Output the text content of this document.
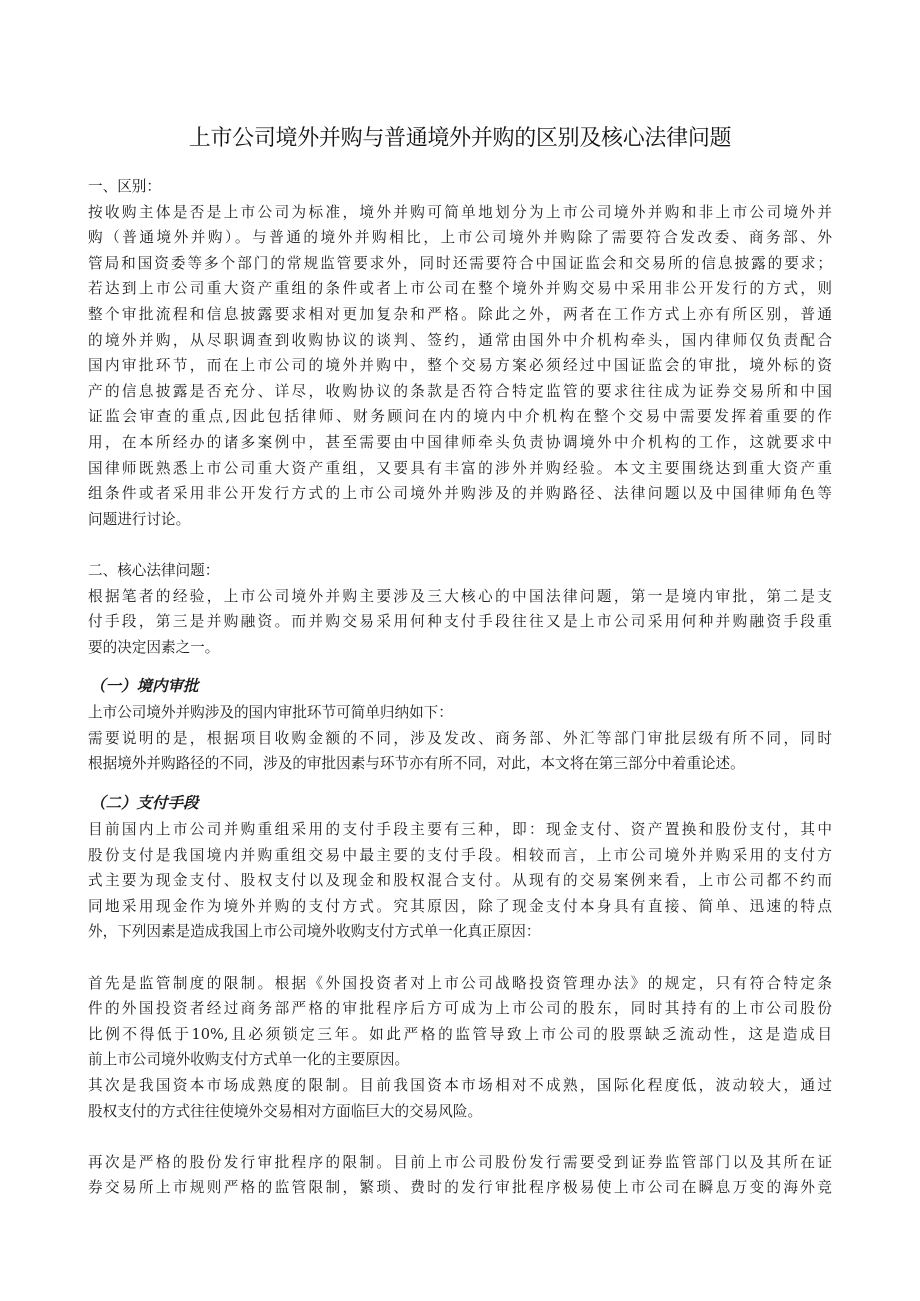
上市公司境外并购与普通境外并购的区别及核心法律问题
一、区别：
按收购主体是否是上市公司为标准，境外并购可简单地划分为上市公司境外并购和非上市公司境外并
购（普通境外并购）。与普通的境外并购相比，上市公司境外并购除了需要符合发改委、商务部、外
管局和国资委等多个部门的常规监管要求外，同时还需要符合中国证监会和交易所的信息披露的要求；
若达到上市公司重大资产重组的条件或者上市公司在整个境外并购交易中采用非公开发行的方式，则
整个审批流程和信息披露要求相对更加复杂和严格。除此之外，两者在工作方式上亦有所区别，普通
的境外并购，从尽职调查到收购协议的谈判、签约，通常由国外中介机构牵头，国内律师仅负责配合
国内审批环节，而在上市公司的境外并购中，整个交易方案必须经过中国证监会的审批，境外标的资
产的信息披露是否充分、详尽，收购协议的条款是否符合特定监管的要求往往成为证券交易所和中国
证监会审查的重点,因此包括律师、财务顾问在内的境内中介机构在整个交易中需要发挥着重要的作
用，在本所经办的诸多案例中，甚至需要由中国律师牵头负责协调境外中介机构的工作，这就要求中
国律师既熟悉上市公司重大资产重组，又要具有丰富的涉外并购经验。本文主要围绕达到重大资产重
组条件或者采用非公开发行方式的上市公司境外并购涉及的并购路径、法律问题以及中国律师角色等
问题进行讨论。
二、核心法律问题：
根据笔者的经验，上市公司境外并购主要涉及三大核心的中国法律问题，第一是境内审批，第二是支
付手段，第三是并购融资。而并购交易采用何种支付手段往往又是上市公司采用何种并购融资手段重
要的决定因素之一。
（一）境内审批
上市公司境外并购涉及的国内审批环节可简单归纳如下：
需要说明的是，根据项目收购金额的不同，涉及发改、商务部、外汇等部门审批层级有所不同，同时
根据境外并购路径的不同，涉及的审批因素与环节亦有所不同，对此，本文将在第三部分中着重论述。
（二）支付手段
目前国内上市公司并购重组采用的支付手段主要有三种，即：现金支付、资产置换和股份支付，其中
股份支付是我国境内并购重组交易中最主要的支付手段。相较而言，上市公司境外并购采用的支付方
式主要为现金支付、股权支付以及现金和股权混合支付。从现有的交易案例来看，上市公司都不约而
同地采用现金作为境外并购的支付方式。究其原因，除了现金支付本身具有直接、简单、迅速的特点
外，下列因素是造成我国上市公司境外收购支付方式单一化真正原因：
首先是监管制度的限制。根据《外国投资者对上市公司战略投资管理办法》的规定，只有符合特定条
件的外国投资者经过商务部严格的审批程序后方可成为上市公司的股东，同时其持有的上市公司股份
比例不得低于10%,且必须锁定三年。如此严格的监管导致上市公司的股票缺乏流动性，这是造成目
前上市公司境外收购支付方式单一化的主要原因。
其次是我国资本市场成熟度的限制。目前我国资本市场相对不成熟，国际化程度低，波动较大，通过
股权支付的方式往往使境外交易相对方面临巨大的交易风险。
再次是严格的股份发行审批程序的限制。目前上市公司股份发行需要受到证券监管部门以及其所在证
券交易所上市规则严格的监管限制，繁琐、费时的发行审批程序极易使上市公司在瞬息万变的海外竞
